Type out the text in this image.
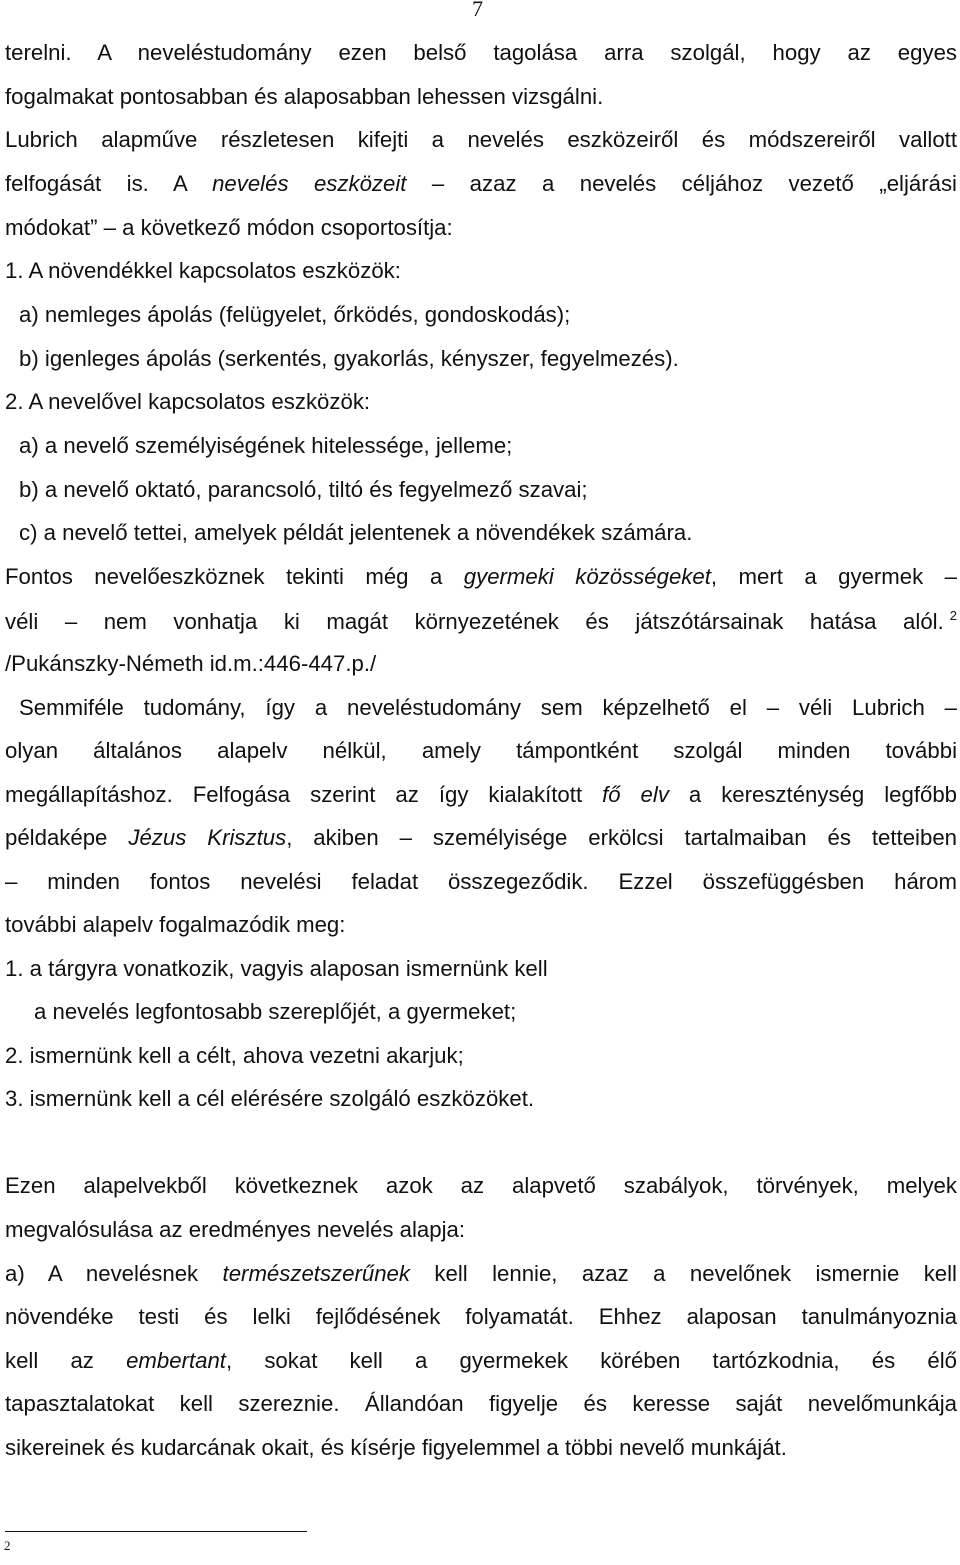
7
terelni. A neveléstudomány ezen belső tagolása arra szolgál, hogy az egyes
fogalmakat pontosabban és alaposabban lehessen vizsgálni.
Lubrich alapműve részletesen kifejti a nevelés eszközeiről és módszereiről vallott
felfogását is. A nevelés eszközeit – azaz a nevelés céljához vezető „eljárási
módokat” – a következő módon csoportosítja:
1. A növendékkel kapcsolatos eszközök:
a) nemleges ápolás (felügyelet, őrködés, gondoskodás);
b) igenleges ápolás (serkentés, gyakorlás, kényszer, fegyelmezés).
2. A nevelővel kapcsolatos eszközök:
a) a nevelő személyiségének hitelessége, jelleme;
b) a nevelő oktató, parancsoló, tiltó és fegyelmező szavai;
c) a nevelő tettei, amelyek példát jelentenek a növendékek számára.
Fontos nevelőeszköznek tekinti még a gyermeki közösségeket, mert a gyermek –
véli – nem vonhatja ki magát környezetének és játszótársainak hatása alól. $^2$
/Pukánszky-Németh id.m.:446-447.p./
Semmiféle tudomány, így a neveléstudomány sem képzelhető el – véli Lubrich –
olyan általános alapelv nélkül, amely támpontként szolgál minden további
megállapításhoz. Felfogása szerint az így kialakított fő elv a kereszténység legfőbb
példaképe Jézus Krisztus, akiben – személyisége erkölcsi tartalmaiban és tetteiben
– minden fontos nevelési feladat összegeződik. Ezzel összefüggésben három
további alapelv fogalmazódik meg:
1. a tárgyra vonatkozik, vagyis alaposan ismernünk kell
a nevelés legfontosabb szereplőjét, a gyermeket;
2. ismernünk kell a célt, ahova vezetni akarjuk;
3. ismernünk kell a cél elérésére szolgáló eszközöket.
Ezen alapelvekből következnek azok az alapvető szabályok, törvények, melyek
megvalósulása az eredményes nevelés alapja:
a) A nevelésnek természetszerűnek kell lennie, azaz a nevelőnek ismernie kell
növendéke testi és lelki fejlődésének folyamatát. Ehhez alaposan tanulmányoznia
kell az embertant, sokat kell a gyermekek körében tartózkodnia, és élő
tapasztalatokat kell szereznie. Állandóan figyelje és keresse saját nevelőmunkája
sikereinek és kudarcának okait, és kísérje figyelemmel a többi nevelő munkáját.
2
